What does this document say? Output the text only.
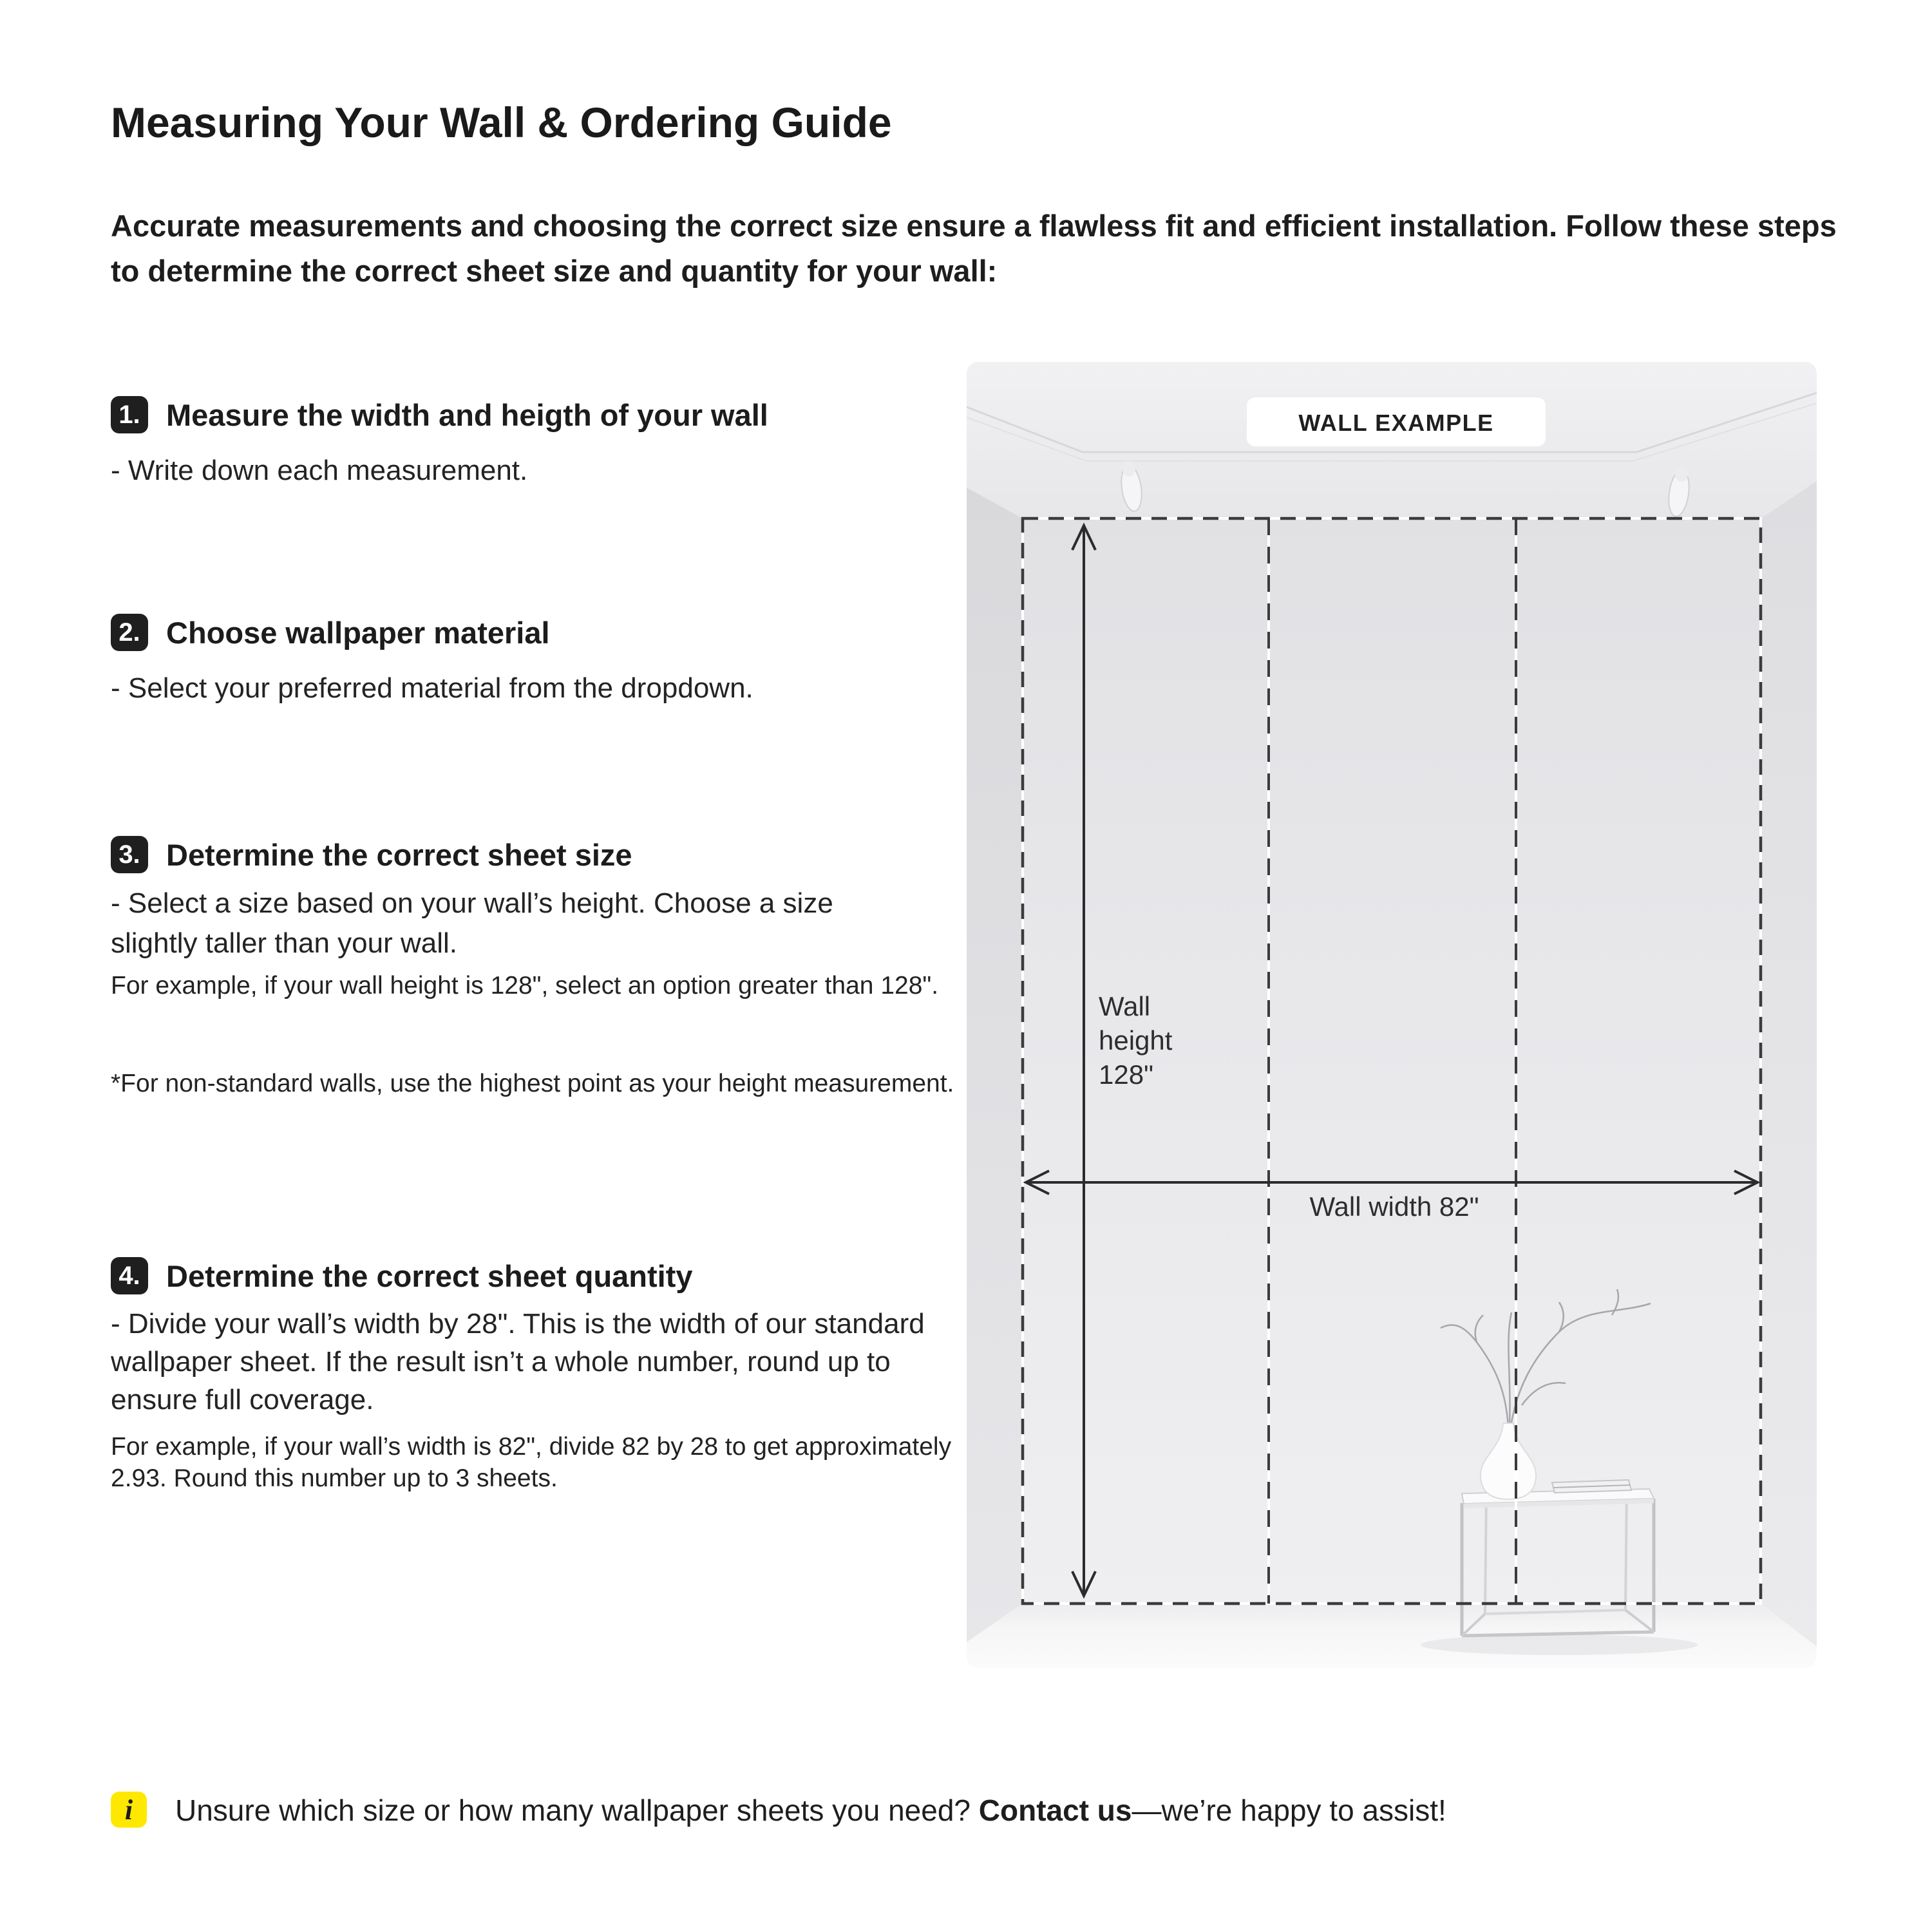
Measuring Your Wall & Ordering Guide
Accurate measurements and choosing the correct size ensure a flawless fit and efficient installation. Follow these steps to determine the correct sheet size and quantity for your wall:
1. Measure the width and heigth of your wall
- Write down each measurement.
2. Choose wallpaper material
- Select your preferred material from the dropdown.
3. Determine the correct sheet size
- Select a size based on your wall’s height. Choose a size slightly taller than your wall.
For example, if your wall height is 128", select an option greater than 128".
*For non-standard walls, use the highest point as your height measurement.
4. Determine the correct sheet quantity
- Divide your wall’s width by 28". This is the width of our standard wallpaper sheet. If the result isn’t a whole number, round up to ensure full coverage.
For example, if your wall’s width is 82", divide 82 by 28 to get approximately 2.93. Round this number up to 3 sheets.
Wall
height
128"
Wall width 82"
WALL EXAMPLE
i	Unsure which size or how many wallpaper sheets you need? Contact us—we’re happy to assist!
